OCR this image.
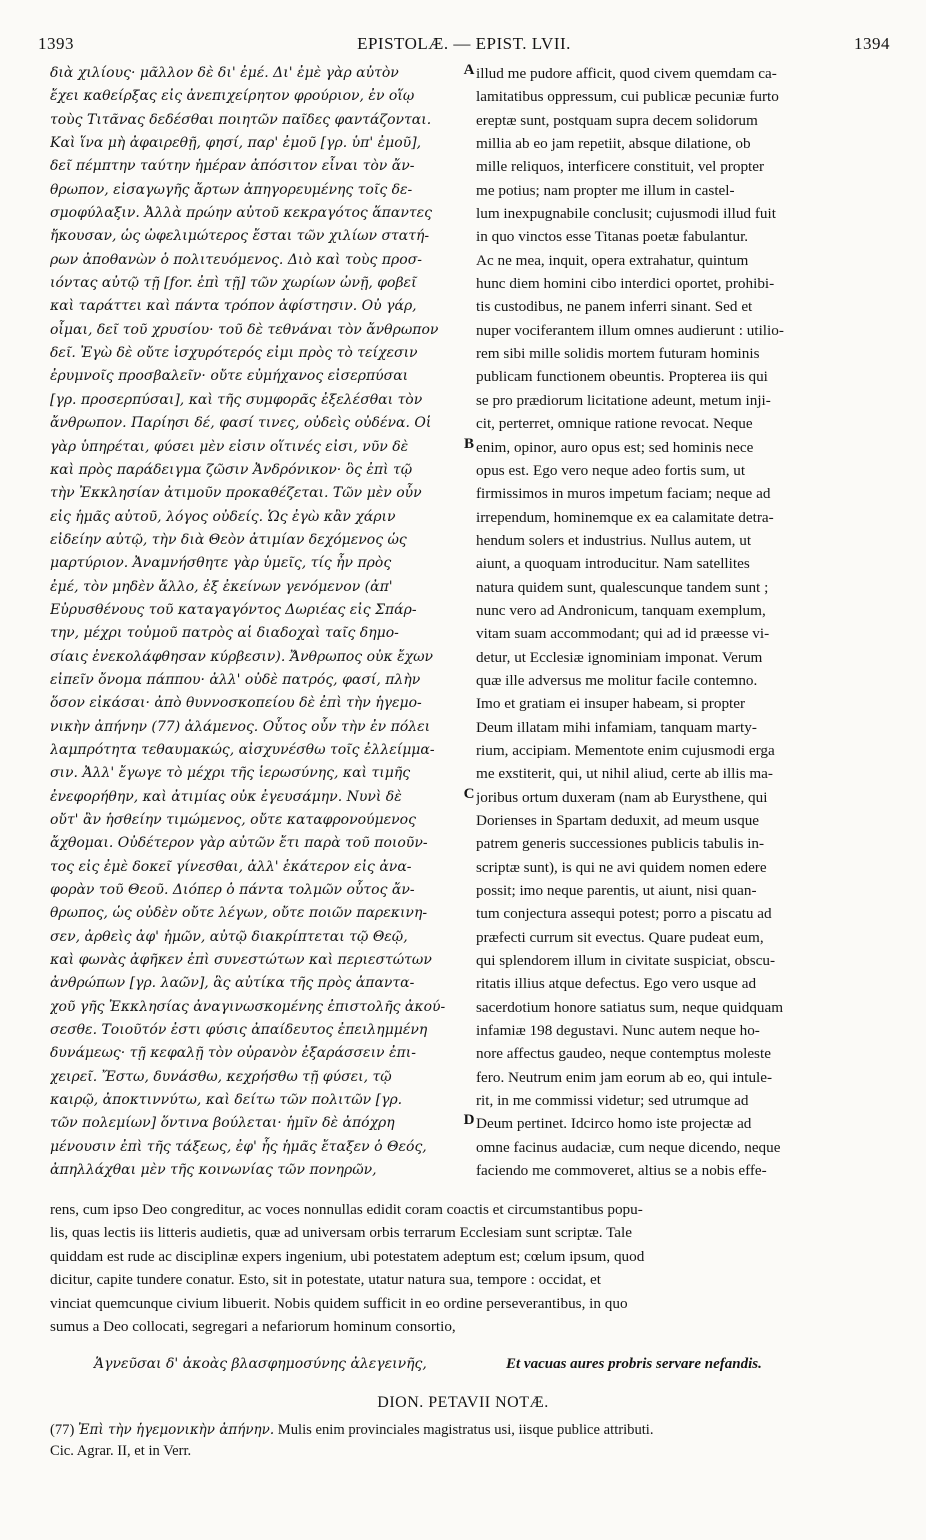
1393	EPISTOLÆ. — EPIST. LVII.	1394
διὰ χιλίους· μᾶλλον δὲ δι' ἐμέ. Δι' ἐμὲ γὰρ αὐτὸν
ἔχει καθείρξας εἰς ἀνεπιχείρητον φρούριον, ἐν οἵῳ
τοὺς Τιτᾶνας δεδέσθαι ποιητῶν παῖδες φαντάζονται.
Καὶ ἵνα μὴ ἀφαιρεθῇ, φησί, παρ' ἐμοῦ [γρ. ὑπ' ἐμοῦ],
δεῖ πέμπτην ταύτην ἡμέραν ἀπόσιτον εἶναι τὸν ἄν-
θρωπον, εἰσαγωγῆς ἄρτων ἀπηγορευμένης τοῖς δε-
σμοφύλαξιν. Ἀλλὰ πρώην αὐτοῦ κεκραγότος ἅπαντες
ἤκουσαν, ὡς ὠφελιμώτερος ἔσται τῶν χιλίων στατή-
ρων ἀποθανὼν ὁ πολιτευόμενος. Διὸ καὶ τοὺς προσ-
ιόντας αὐτῷ τῇ [for. ἐπὶ τῇ] τῶν χωρίων ὠνῇ, φοβεῖ
καὶ ταράττει καὶ πάντα τρόπον ἀφίστησιν. Οὐ γάρ,
οἶμαι, δεῖ τοῦ χρυσίου· τοῦ δὲ τεθνάναι τὸν ἄνθρωπον
δεῖ. Ἐγὼ δὲ οὔτε ἰσχυρότερός εἰμι πρὸς τὸ τείχεσιν
ἐρυμνοῖς προσβαλεῖν· οὔτε εὐμήχανος εἰσερπύσαι
[γρ. προσερπύσαι], καὶ τῆς συμφορᾶς ἐξελέσθαι τὸν
ἄνθρωπον. Παρίησι δέ, φασί τινες, οὐδεὶς οὐδένα. Οἱ
γὰρ ὑπηρέται, φύσει μὲν εἰσιν οἵτινές εἰσι, νῦν δὲ
καὶ πρὸς παράδειγμα ζῶσιν Ἀνδρόνικον· ὃς ἐπὶ τῷ
τὴν Ἐκκλησίαν ἀτιμοῦν προκαθέζεται. Τῶν μὲν οὖν
εἰς ἡμᾶς αὐτοῦ, λόγος οὐδείς. Ὡς ἐγὼ κἂν χάριν
εἰδείην αὐτῷ, τὴν διὰ Θεὸν ἀτιμίαν δεχόμενος ὡς
μαρτύριον. Ἀναμνήσθητε γὰρ ὑμεῖς, τίς ἦν πρὸς
ἐμέ, τὸν μηδὲν ἄλλο, ἐξ ἐκείνων γενόμενον (ἀπ'
Εὐρυσθένους τοῦ καταγαγόντος Δωριέας εἰς Σπάρ-
την, μέχρι τοὐμοῦ πατρὸς αἱ διαδοχαὶ ταῖς δημο-
σίαις ἐνεκολάφθησαν κύρβεσιν). Ἄνθρωπος οὐκ ἔχων
εἰπεῖν ὄνομα πάππου· ἀλλ' οὐδὲ πατρός, φασί, πλὴν
ὅσον εἰκάσαι· ἀπὸ θυννοσκοπείου δὲ ἐπὶ τὴν ἡγεμο-
νικὴν ἀπήνην (77) ἀλάμενος. Οὗτος οὖν τὴν ἐν πόλει
λαμπρότητα τεθαυμακώς, αἰσχυνέσθω τοῖς ἐλλείμμα-
σιν. Ἀλλ' ἔγωγε τὸ μέχρι τῆς ἱερωσύνης, καὶ τιμῆς
ἐνεφορήθην, καὶ ἀτιμίας οὐκ ἐγευσάμην. Νυνὶ δὲ
οὔτ' ἂν ἡσθείην τιμώμενος, οὔτε καταφρονούμενος
ἄχθομαι. Οὐδέτερον γὰρ αὐτῶν ἔτι παρὰ τοῦ ποιοῦν-
τος εἰς ἐμὲ δοκεῖ γίνεσθαι, ἀλλ' ἑκάτερον εἰς ἀνα-
φορὰν τοῦ Θεοῦ. Διόπερ ὁ πάντα τολμῶν οὗτος ἄν-
θρωπος, ὡς οὐδὲν οὔτε λέγων, οὔτε ποιῶν παρεκινη-
σεν, ἀρθεὶς ἀφ' ἡμῶν, αὐτῷ διακρίπτεται τῷ Θεῷ,
καὶ φωνὰς ἀφῆκεν ἐπὶ συνεστώτων καὶ περιεστώτων
ἀνθρώπων [γρ. λαῶν], ἃς αὐτίκα τῆς πρὸς ἁπαντα-
χοῦ γῆς Ἐκκλησίας ἀναγινωσκομένης ἐπιστολῆς ἀκού-
σεσθε. Τοιοῦτόν ἐστι φύσις ἀπαίδευτος ἐπειλημμένη
δυνάμεως· τῇ κεφαλῇ τὸν οὐρανὸν ἐξαράσσειν ἐπι-
χειρεῖ. Ἔστω, δυνάσθω, κεχρήσθω τῇ φύσει, τῷ
καιρῷ, ἀποκτιννύτω, καὶ δείτω τῶν πολιτῶν [γρ.
τῶν πολεμίων] ὅντινα βούλεται· ἡμῖν δὲ ἀπόχρη
μένουσιν ἐπὶ τῆς τάξεως, ἐφ' ἧς ἡμᾶς ἔταξεν ὁ Θεός,
ἀπηλλάχθαι μὲν τῆς κοινωνίας τῶν πονηρῶν,
A
B
C
D
illud me pudore afficit, quod civem quemdam ca-
lamitatibus oppressum, cui publicæ pecuniæ furto
ereptæ sunt, postquam supra decem solidorum
millia ab eo jam repetiit, absque dilatione, ob
mille reliquos, interficere constituit, vel propter
me potius; nam propter me illum in castel-
lum inexpugnabile conclusit; cujusmodi illud fuit
in quo vinctos esse Titanas poetæ fabulantur.
Ac ne mea, inquit, opera extrahatur, quintum
hunc diem homini cibo interdici oportet, prohibi-
tis custodibus, ne panem inferri sinant. Sed et
nuper vociferantem illum omnes audierunt : utilio-
rem sibi mille solidis mortem futuram hominis
publicam functionem obeuntis. Propterea iis qui
se pro prædiorum licitatione adeunt, metum inji-
cit, perterret, omnique ratione revocat. Neque
enim, opinor, auro opus est; sed hominis nece
opus est. Ego vero neque adeo fortis sum, ut
firmissimos in muros impetum faciam; neque ad
irrependum, hominemque ex ea calamitate detra-
hendum solers et industrius. Nullus autem, ut
aiunt, a quoquam introducitur. Nam satellites
natura quidem sunt, qualescunque tandem sunt ;
nunc vero ad Andronicum, tanquam exemplum,
vitam suam accommodant; qui ad id præesse vi-
detur, ut Ecclesiæ ignominiam imponat. Verum
quæ ille adversus me molitur facile contemno.
Imo et gratiam ei insuper habeam, si propter
Deum illatam mihi infamiam, tanquam marty-
rium, accipiam. Mementote enim cujusmodi erga
me exstiterit, qui, ut nihil aliud, certe ab illis ma-
joribus ortum duxeram (nam ab Eurysthene, qui
Dorienses in Spartam deduxit, ad meum usque
patrem generis successiones publicis tabulis in-
scriptæ sunt), is qui ne avi quidem nomen edere
possit; imo neque parentis, ut aiunt, nisi quan-
tum conjectura assequi potest; porro a piscatu ad
præfecti currum sit evectus. Quare pudeat eum,
qui splendorem illum in civitate suspiciat, obscu-
ritatis illius atque defectus. Ego vero usque ad
sacerdotium honore satiatus sum, neque quidquam
infamiæ 198 degustavi. Nunc autem neque ho-
nore affectus gaudeo, neque contemptus moleste
fero. Neutrum enim jam eorum ab eo, qui intule-
rit, in me commissi videtur; sed utrumque ad
Deum pertinet. Idcirco homo iste projectæ ad
omne facinus audaciæ, cum neque dicendo, neque
faciendo me commoveret, altius se a nobis effe-
rens, cum ipso Deo congreditur, ac voces nonnullas edidit coram coactis et circumstantibus popu-
lis, quas lectis iis litteris audietis, quæ ad universam orbis terrarum Ecclesiam sunt scriptæ. Tale
quiddam est rude ac disciplinæ expers ingenium, ubi potestatem adeptum est; cœlum ipsum, quod
dicitur, capite tundere conatur. Esto, sit in potestate, utatur natura sua, tempore : occidat, et
vinciat quemcunque civium libuerit. Nobis quidem sufficit in eo ordine perseverantibus, in quo
sumus a Deo collocati, segregari a nefariorum hominum consortio,
Ἁγνεῦσαι δ' ἀκοὰς βλασφημοσύνης ἀλεγεινῆς,	Et vacuas aures probris servare nefandis.
DION. PETAVII NOTÆ.
(77) Ἐπὶ τὴν ἡγεμονικὴν ἀπήνην. Mulis enim provinciales magistratus usi, iisque publice attributi.
Cic. Agrar. II, et in Verr.
